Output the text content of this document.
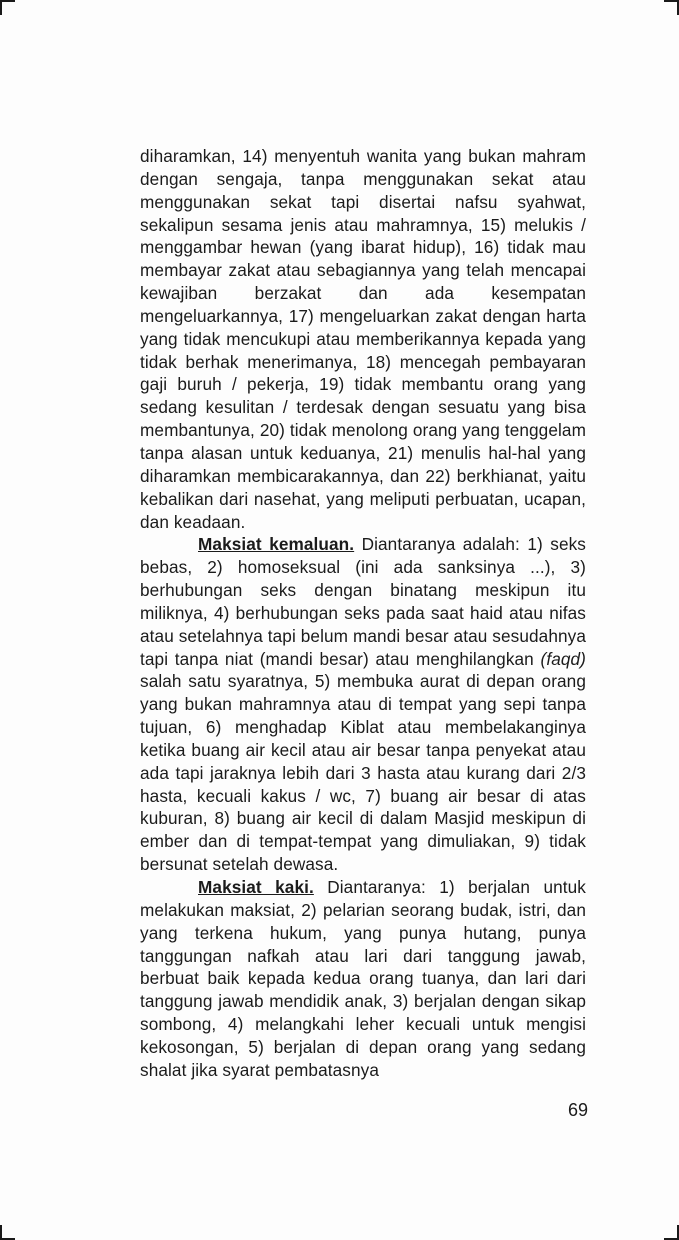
diharamkan, 14) menyentuh wanita yang bukan mahram dengan sengaja, tanpa menggunakan sekat atau menggunakan sekat tapi disertai nafsu syahwat, sekalipun sesama jenis atau mahramnya, 15) melukis / menggambar hewan (yang ibarat hidup), 16) tidak mau membayar zakat atau sebagiannya yang telah mencapai kewajiban berzakat dan ada kesempatan mengeluarkannya, 17) mengeluarkan zakat dengan harta yang tidak mencukupi atau memberikannya kepada yang tidak berhak menerimanya, 18) mencegah pembayaran gaji buruh / pekerja, 19) tidak membantu orang yang sedang kesulitan / terdesak dengan sesuatu yang bisa membantunya, 20) tidak menolong orang yang tenggelam tanpa alasan untuk keduanya, 21) menulis hal-hal yang diharamkan membicarakannya, dan 22) berkhianat, yaitu kebalikan dari nasehat, yang meliputi perbuatan, ucapan, dan keadaan.

Maksiat kemaluan. Diantaranya adalah: 1) seks bebas, 2) homoseksual (ini ada sanksinya ...), 3) berhubungan seks dengan binatang meskipun itu miliknya, 4) berhubungan seks pada saat haid atau nifas atau setelahnya tapi belum mandi besar atau sesudahnya tapi tanpa niat (mandi besar) atau menghilangkan (faqd) salah satu syaratnya, 5) membuka aurat di depan orang yang bukan mahramnya atau di tempat yang sepi tanpa tujuan, 6) menghadap Kiblat atau membelakanginya ketika buang air kecil atau air besar tanpa penyekat atau ada tapi jaraknya lebih dari 3 hasta atau kurang dari 2/3 hasta, kecuali kakus / wc, 7) buang air besar di atas kuburan, 8) buang air kecil di dalam Masjid meskipun di ember dan di tempat-tempat yang dimuliakan, 9) tidak bersunat setelah dewasa.

Maksiat kaki. Diantaranya: 1) berjalan untuk melakukan maksiat, 2) pelarian seorang budak, istri, dan yang terkena hukum, yang punya hutang, punya tanggungan nafkah atau lari dari tanggung jawab, berbuat baik kepada kedua orang tuanya, dan lari dari tanggung jawab mendidik anak, 3) berjalan dengan sikap sombong, 4) melangkahi leher kecuali untuk mengisi kekosongan, 5) berjalan di depan orang yang sedang shalat jika syarat pembatasnya

69
